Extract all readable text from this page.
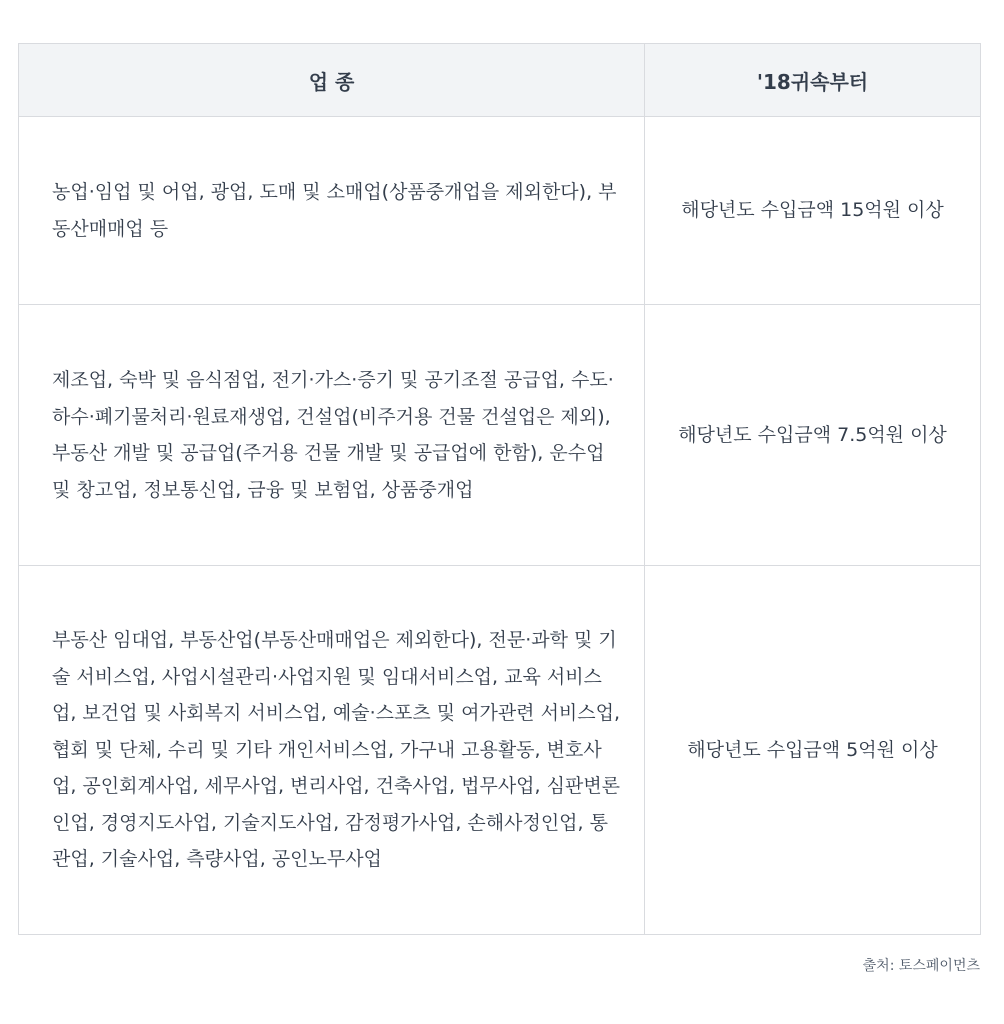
업 종	'18귀속부터
농업·임업 및 어업, 광업, 도매 및 소매업(상품중개업을 제외한다), 부동산매매업 등	해당년도 수입금액 15억원 이상
제조업, 숙박 및 음식점업, 전기·가스·증기 및 공기조절 공급업, 수도·하수·폐기물처리·원료재생업, 건설업(비주거용 건물 건설업은 제외), 부동산 개발 및 공급업(주거용 건물 개발 및 공급업에 한함), 운수업 및 창고업, 정보통신업, 금융 및 보험업, 상품중개업	해당년도 수입금액 7.5억원 이상
부동산 임대업, 부동산업(부동산매매업은 제외한다), 전문·과학 및 기술 서비스업, 사업시설관리·사업지원 및 임대서비스업, 교육 서비스업, 보건업 및 사회복지 서비스업, 예술·스포츠 및 여가관련 서비스업, 협회 및 단체, 수리 및 기타 개인서비스업, 가구내 고용활동, 변호사업, 공인회계사업, 세무사업, 변리사업, 건축사업, 법무사업, 심판변론인업, 경영지도사업, 기술지도사업, 감정평가사업, 손해사정인업, 통관업, 기술사업, 측량사업, 공인노무사업	해당년도 수입금액 5억원 이상
출처: 토스페이먼츠
